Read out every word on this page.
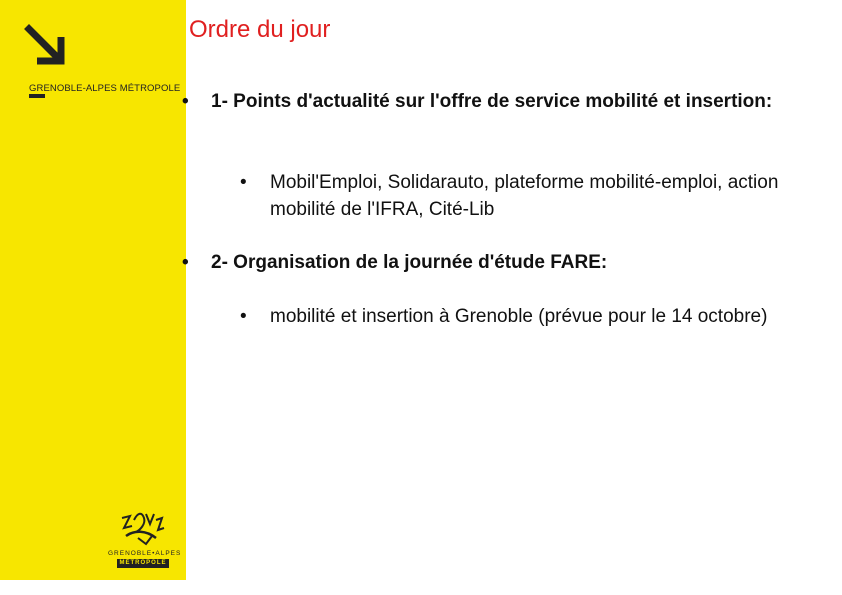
GRENOBLE-ALPES MÉTROPOLE
GRENOBLE•ALPES
MÉTROPOLE
Ordre du jour
•	1- Points d'actualité sur l'offre de service mobilité et insertion:
•	Mobil'Emploi, Solidarauto, plateforme mobilité-emploi, action mobilité de l'IFRA, Cité-Lib
•	2- Organisation de la journée d'étude FARE:
•	mobilité et insertion à Grenoble (prévue pour le 14 octobre)
